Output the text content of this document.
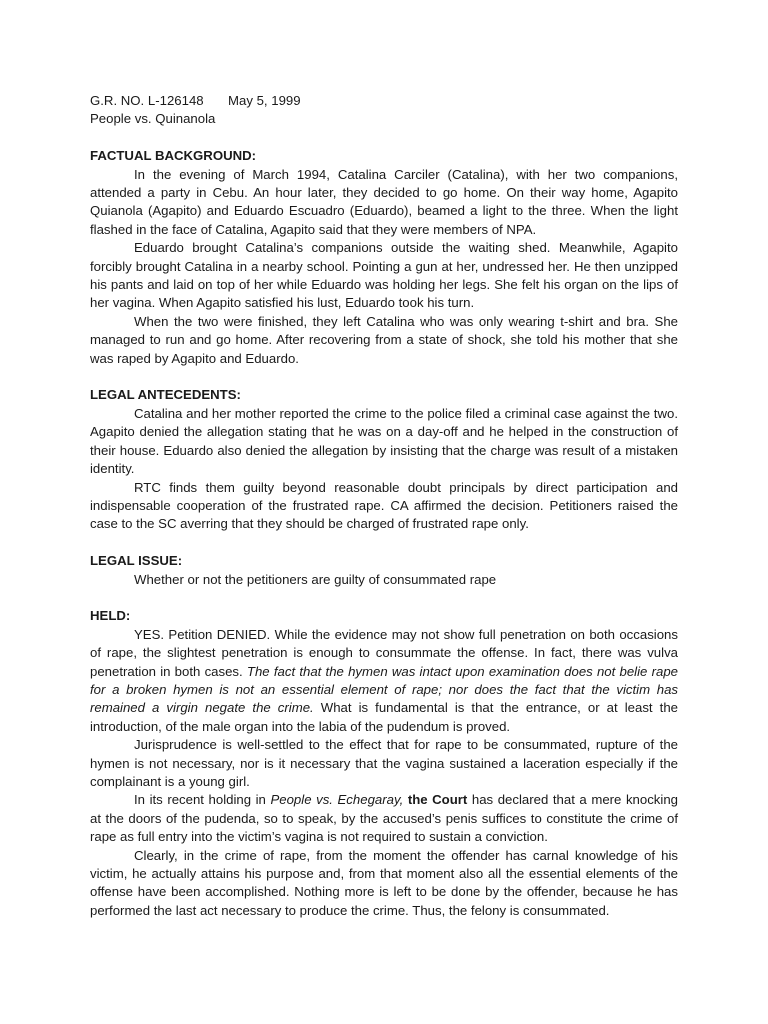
G.R. NO. L-126148	May 5, 1999
People vs. Quinanola
FACTUAL BACKGROUND:

In the evening of March 1994, Catalina Carciler (Catalina), with her two companions, attended a party in Cebu. An hour later, they decided to go home. On their way home, Agapito Quianola (Agapito) and Eduardo Escuadro (Eduardo), beamed a light to the three. When the light flashed in the face of Catalina, Agapito said that they were members of NPA.

Eduardo brought Catalina’s companions outside the waiting shed. Meanwhile, Agapito forcibly brought Catalina in a nearby school. Pointing a gun at her, undressed her. He then unzipped his pants and laid on top of her while Eduardo was holding her legs. She felt his organ on the lips of her vagina. When Agapito satisfied his lust, Eduardo took his turn.

When the two were finished, they left Catalina who was only wearing t-shirt and bra. She managed to run and go home. After recovering from a state of shock, she told his mother that she was raped by Agapito and Eduardo.

LEGAL ANTECEDENTS:

Catalina and her mother reported the crime to the police filed a criminal case against the two. Agapito denied the allegation stating that he was on a day-off and he helped in the construction of their house. Eduardo also denied the allegation by insisting that the charge was result of a mistaken identity.

RTC finds them guilty beyond reasonable doubt principals by direct participation and indispensable cooperation of the frustrated rape. CA affirmed the decision. Petitioners raised the case to the SC averring that they should be charged of frustrated rape only.

LEGAL ISSUE:

Whether or not the petitioners are guilty of consummated rape

HELD:

YES. Petition DENIED. While the evidence may not show full penetration on both occasions of rape, the slightest penetration is enough to consummate the offense. In fact, there was vulva penetration in both cases. The fact that the hymen was intact upon examination does not belie rape for a broken hymen is not an essential element of rape; nor does the fact that the victim has remained a virgin negate the crime. What is fundamental is that the entrance, or at least the introduction, of the male organ into the labia of the pudendum is proved.

Jurisprudence is well-settled to the effect that for rape to be consummated, rupture of the hymen is not necessary, nor is it necessary that the vagina sustained a laceration especially if the complainant is a young girl.

In its recent holding in People vs. Echegaray, the Court has declared that a mere knocking at the doors of the pudenda, so to speak, by the accused’s penis suffices to constitute the crime of rape as full entry into the victim’s vagina is not required to sustain a conviction.

Clearly, in the crime of rape, from the moment the offender has carnal knowledge of his victim, he actually attains his purpose and, from that moment also all the essential elements of the offense have been accomplished. Nothing more is left to be done by the offender, because he has performed the last act necessary to produce the crime. Thus, the felony is consummated.
